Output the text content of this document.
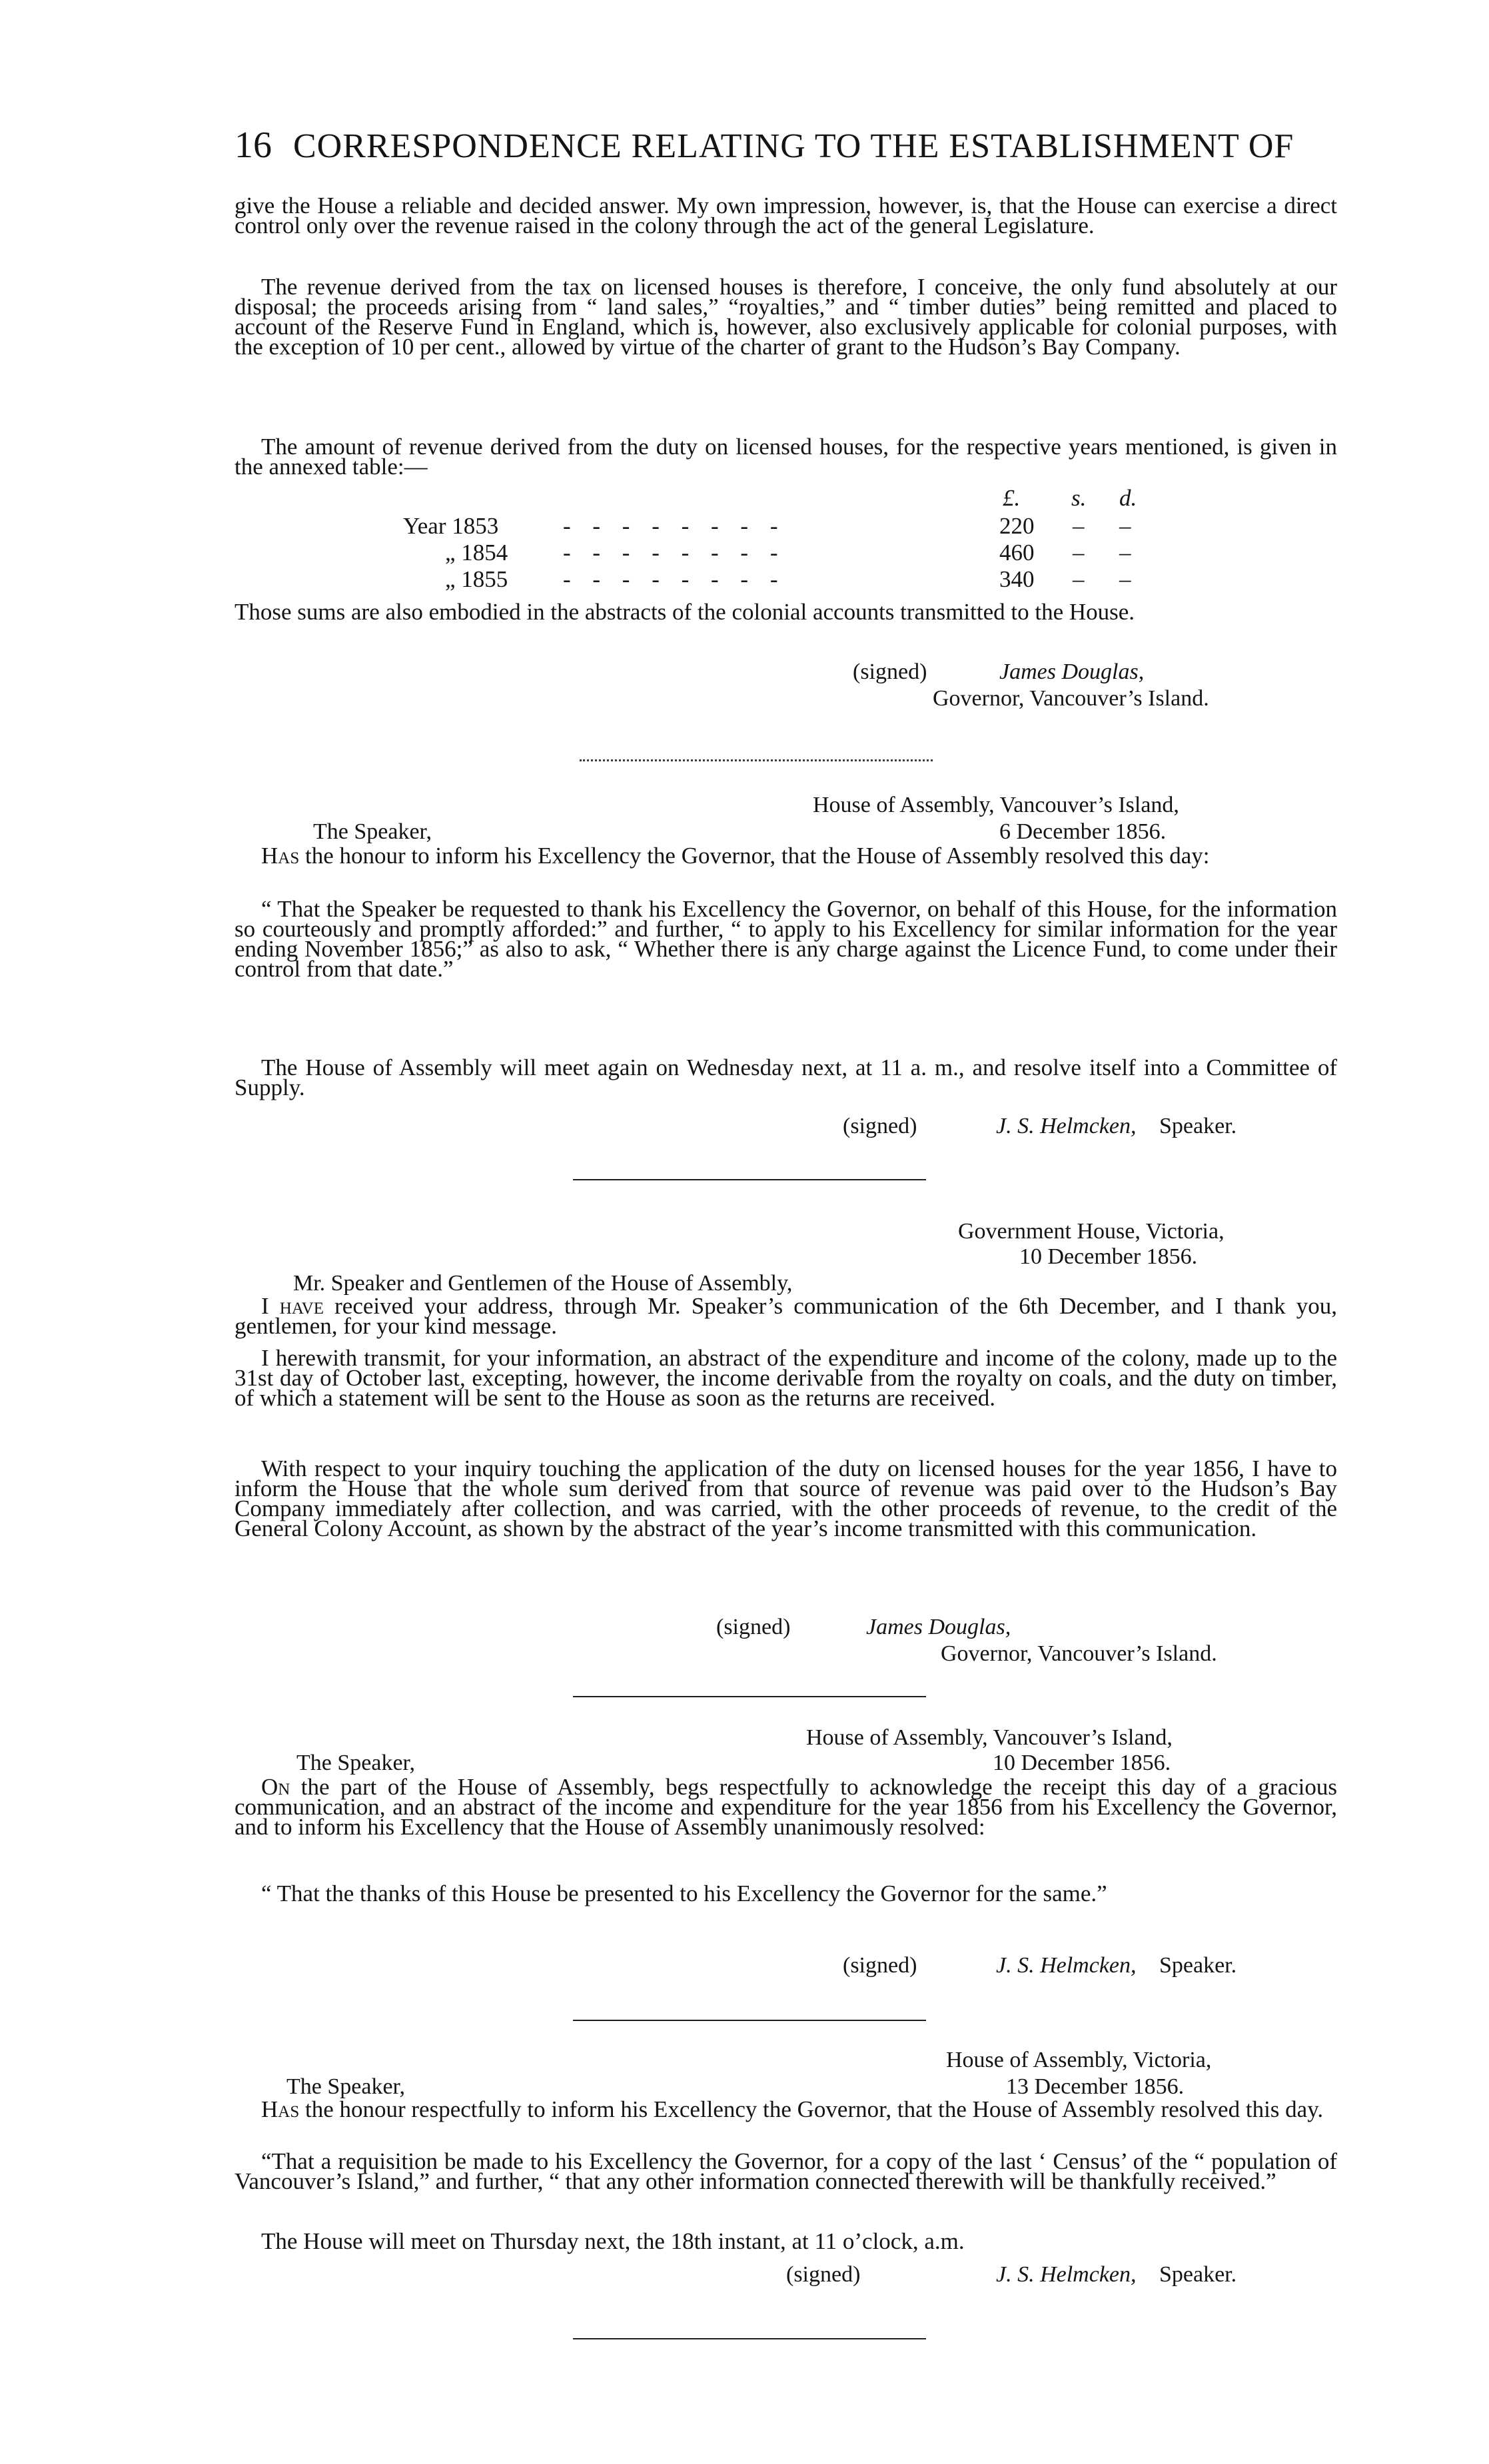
16 CORRESPONDENCE RELATING TO THE ESTABLISHMENT OF
give the House a reliable and decided answer. My own impression, however, is, that the House can exercise a direct control only over the revenue raised in the colony through the act of the general Legislature.
The revenue derived from the tax on licensed houses is therefore, I conceive, the only fund absolutely at our disposal; the proceeds arising from “ land sales,” “royalties,” and “ timber duties” being remitted and placed to account of the Reserve Fund in England, which is, however, also exclusively applicable for colonial purposes, with the exception of 10 per cent., allowed by virtue of the charter of grant to the Hudson’s Bay Company.
The amount of revenue derived from the duty on licensed houses, for the respective years mentioned, is given in the annexed table:—
£. s. d.
Year 1853	- - - - - - - -	220 – –
„ 1854 - - - - - - - -	460 – –
„ 1855 - - - - - - - -	340 – –
Those sums are also embodied in the abstracts of the colonial accounts transmitted to the House.
(signed)	James Douglas,
Governor, Vancouver’s Island.
House of Assembly, Vancouver’s Island,
The Speaker,	6 December 1856.
Has the honour to inform his Excellency the Governor, that the House of Assembly resolved this day:
“ That the Speaker be requested to thank his Excellency the Governor, on behalf of this House, for the information so courteously and promptly afforded:” and further, “ to apply to his Excellency for similar information for the year ending November 1856;” as also to ask, “ Whether there is any charge against the Licence Fund, to come under their control from that date.”
The House of Assembly will meet again on Wednesday next, at 11 a. m., and resolve itself into a Committee of Supply.
(signed)	J. S. Helmcken, Speaker.
Government House, Victoria,
10 December 1856.
Mr. Speaker and Gentlemen of the House of Assembly,
I have received your address, through Mr. Speaker’s communication of the 6th December, and I thank you, gentlemen, for your kind message.
I herewith transmit, for your information, an abstract of the expenditure and income of the colony, made up to the 31st day of October last, excepting, however, the income derivable from the royalty on coals, and the duty on timber, of which a statement will be sent to the House as soon as the returns are received.
With respect to your inquiry touching the application of the duty on licensed houses for the year 1856, I have to inform the House that the whole sum derived from that source of revenue was paid over to the Hudson’s Bay Company immediately after collection, and was carried, with the other proceeds of revenue, to the credit of the General Colony Account, as shown by the abstract of the year’s income transmitted with this communication.
(signed)	James Douglas,
Governor, Vancouver’s Island.
House of Assembly, Vancouver’s Island,
The Speaker,	10 December 1856.
On the part of the House of Assembly, begs respectfully to acknowledge the receipt this day of a gracious communication, and an abstract of the income and expenditure for the year 1856 from his Excellency the Governor, and to inform his Excellency that the House of Assembly unanimously resolved:
“ That the thanks of this House be presented to his Excellency the Governor for the same.”
(signed)	J. S. Helmcken, Speaker.
House of Assembly, Victoria,
The Speaker,	13 December 1856.
Has the honour respectfully to inform his Excellency the Governor, that the House of Assembly resolved this day.
“That a requisition be made to his Excellency the Governor, for a copy of the last ‘ Census’ of the “ population of Vancouver’s Island,” and further, “ that any other information connected therewith will be thankfully received.”
The House will meet on Thursday next, the 18th instant, at 11 o’clock, a.m.
(signed)	J. S. Helmcken, Speaker.
